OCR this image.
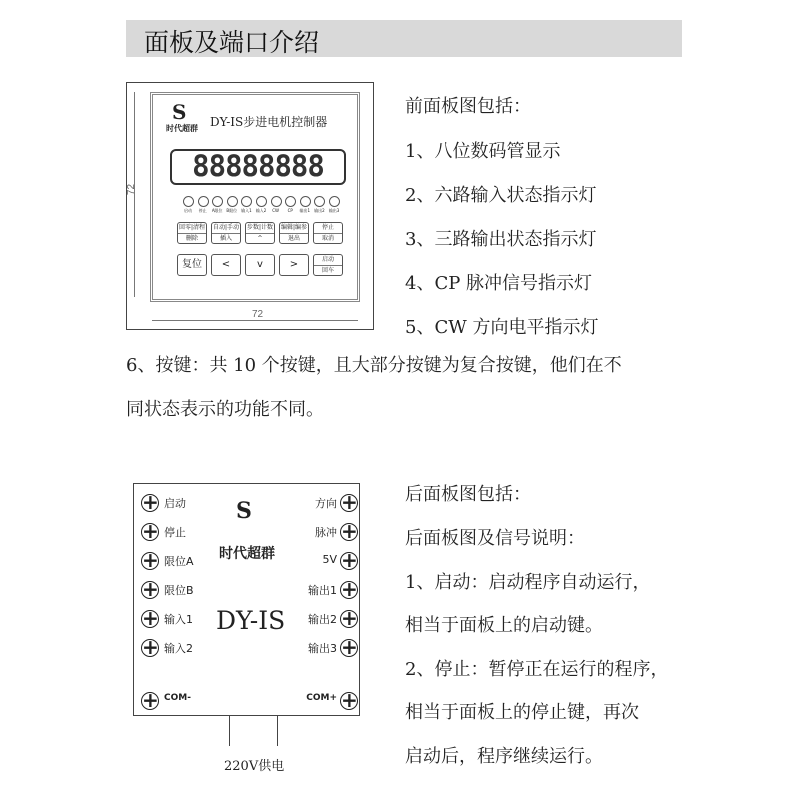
面板及端口介绍
72
72
S
时代超群 DY-IS步进电机控制器
88888888
启动	停止	A限位 B限位 输入1	输入2	CW	CP	输出1	输出2	输出3
回零|清程
删除
自动|手动
插入
步数|计数
^
编辑|编参
退出
停止
取消
复位	<	v	>	启动
回车
前面板图包括：
1、八位数码管显示
2、六路输入状态指示灯
3、三路输出状态指示灯
4、CP 脉冲信号指示灯
5、CW 方向电平指示灯
6、按键：共 10 个按键，且大部分按键为复合按键，他们在不
同状态表示的功能不同。
S
时代超群
DY-IS
+ 启动
+ 停止
+ 限位A
+ 限位B
+ 输入1
+ 输入2
+ COM-
+
方向
+
脉冲
+
5V
+
输出1
+
输出2
+
输出3
+
COM+
220V供电
后面板图包括：
后面板图及信号说明：
1、启动：启动程序自动运行，
相当于面板上的启动键。
2、停止：暂停正在运行的程序，
相当于面板上的停止键，再次
启动后，程序继续运行。
